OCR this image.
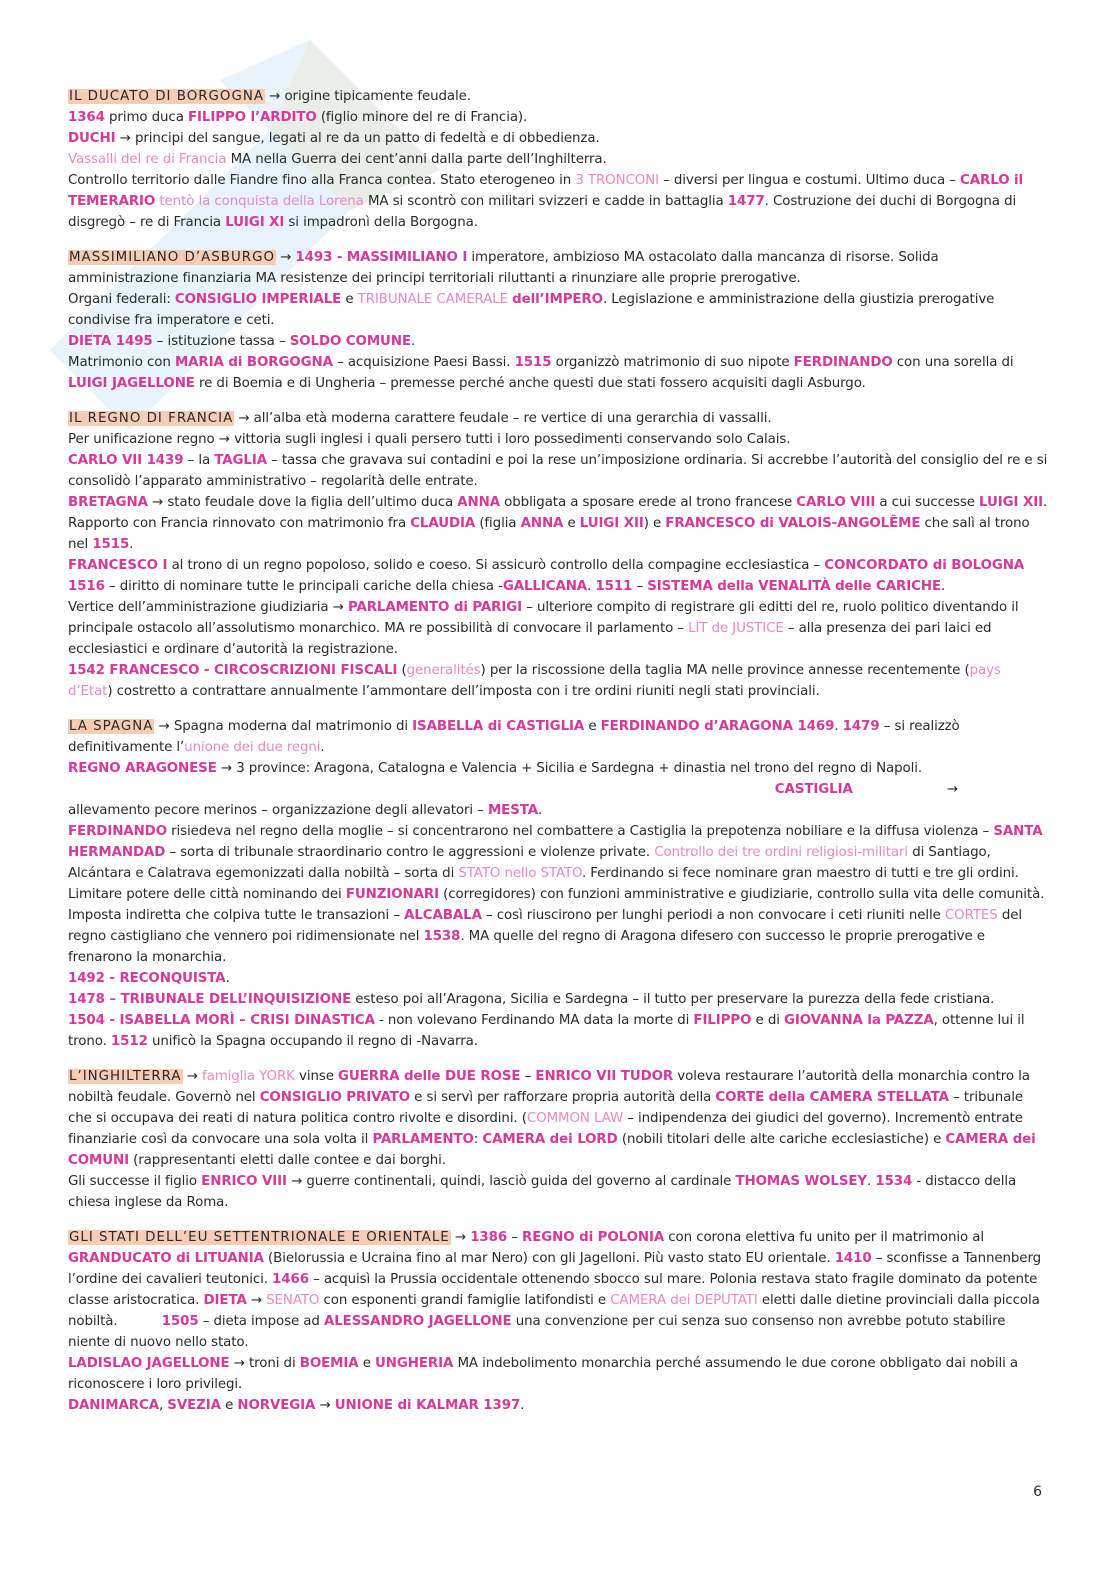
IL DUCATO DI BORGOGNA → origine tipicamente feudale.

1364 primo duca FILIPPO l’ARDITO (figlio minore del re di Francia).

DUCHI → principi del sangue, legati al re da un patto di fedeltà e di obbedienza.

Vassalli del re di Francia MA nella Guerra dei cent’anni dalla parte dell’Inghilterra.

Controllo territorio dalle Fiandre fino alla Franca contea. Stato eterogeneo in 3 TRONCONI – diversi per lingua e costumi. Ultimo duca – CARLO il TEMERARIO tentò la conquista della Lorena MA si scontrò con militari svizzeri e cadde in battaglia 1477. Costruzione dei duchi di Borgogna di disgregò – re di Francia LUIGI XI si impadronì della Borgogna.

MASSIMILIANO D’ASBURGO → 1493 - MASSIMILIANO I imperatore, ambizioso MA ostacolato dalla mancanza di risorse. Solida amministrazione finanziaria MA resistenze dei principi territoriali riluttanti a rinunziare alle proprie prerogative.

Organi federali: CONSIGLIO IMPERIALE e TRIBUNALE CAMERALE dell’IMPERO. Legislazione e amministrazione della giustizia prerogative condivise fra imperatore e ceti.

DIETA 1495 – istituzione tassa – SOLDO COMUNE.

Matrimonio con MARIA di BORGOGNA – acquisizione Paesi Bassi. 1515 organizzò matrimonio di suo nipote FERDINANDO con una sorella di LUIGI JAGELLONE re di Boemia e di Ungheria – premesse perché anche questi due stati fossero acquisiti dagli Asburgo.

IL REGNO DI FRANCIA → all’alba età moderna carattere feudale – re vertice di una gerarchia di vassalli.

Per unificazione regno → vittoria sugli inglesi i quali persero tutti i loro possedimenti conservando solo Calais.

CARLO VII 1439 – la TAGLIA – tassa che gravava sui contadini e poi la rese un’imposizione ordinaria. Si accrebbe l’autorità del consiglio del re e si consolidò l’apparato amministrativo – regolarità delle entrate.

BRETAGNA → stato feudale dove la figlia dell’ultimo duca ANNA obbligata a sposare erede al trono francese CARLO VIII a cui successe LUIGI XII. Rapporto con Francia rinnovato con matrimonio fra CLAUDIA (figlia ANNA e LUIGI XII) e FRANCESCO di VALOIS-ANGOLÊME che salì al trono nel 1515.

FRANCESCO I al trono di un regno popoloso, solido e coeso. Si assicurò controllo della compagine ecclesiastica – CONCORDATO di BOLOGNA 1516 – diritto di nominare tutte le principali cariche della chiesa -GALLICANA. 1511 – SISTEMA della VENALITÀ delle CARICHE.

Vertice dell’amministrazione giudiziaria → PARLAMENTO di PARIGI – ulteriore compito di registrare gli editti del re, ruolo politico diventando il principale ostacolo all’assolutismo monarchico. MA re possibilità di convocare il parlamento – LIT de JUSTICE – alla presenza dei pari laici ed ecclesiastici e ordinare d’autorità la registrazione.

1542 FRANCESCO - CIRCOSCRIZIONI FISCALI (generalités) per la riscossione della taglia MA nelle province annesse recentemente (pays d’Etat) costretto a contrattare annualmente l’ammontare dell’imposta con i tre ordini riuniti negli stati provinciali.

LA SPAGNA → Spagna moderna dal matrimonio di ISABELLA di CASTIGLIA e FERDINANDO d’ARAGONA 1469. 1479 – si realizzò definitivamente l’unione dei due regni.

REGNO ARAGONESE → 3 province: Aragona, Catalogna e Valencia + Sicilia e Sardegna + dinastia nel trono del regno di Napoli.

CASTIGLIA	→

allevamento pecore merinos – organizzazione degli allevatori – MESTA.

FERDINANDO risiedeva nel regno della moglie – si concentrarono nel combattere a Castiglia la prepotenza nobiliare e la diffusa violenza – SANTA HERMANDAD – sorta di tribunale straordinario contro le aggressioni e violenze private. Controllo dei tre ordini religiosi-militari di Santiago, Alcántara e Calatrava egemonizzati dalla nobiltà – sorta di STATO nello STATO. Ferdinando si fece nominare gran maestro di tutti e tre gli ordini.

Limitare potere delle città nominando dei FUNZIONARI (corregidores) con funzioni amministrative e giudiziarie, controllo sulla vita delle comunità.

Imposta indiretta che colpiva tutte le transazioni – ALCABALA – così riuscirono per lunghi periodi a non convocare i ceti riuniti nelle CORTES del regno castigliano che vennero poi ridimensionate nel 1538. MA quelle del regno di Aragona difesero con successo le proprie prerogative e frenarono la monarchia.

1492 - RECONQUISTA.

1478 – TRIBUNALE DELL’INQUISIZIONE esteso poi all’Aragona, Sicilia e Sardegna – il tutto per preservare la purezza della fede cristiana.

1504 - ISABELLA MORÌ – CRISI DINASTICA - non volevano Ferdinando MA data la morte di FILIPPO e di GIOVANNA la PAZZA, ottenne lui il trono. 1512 unificò la Spagna occupando il regno di -Navarra.

L’INGHILTERRA → famiglia YORK vinse GUERRA delle DUE ROSE – ENRICO VII TUDOR voleva restaurare l’autorità della monarchia contro la nobiltà feudale. Governò nel CONSIGLIO PRIVATO e si servì per rafforzare propria autorità della CORTE della CAMERA STELLATA – tribunale che si occupava dei reati di natura politica contro rivolte e disordini. (COMMON LAW – indipendenza dei giudici del governo). Incrementò entrate finanziarie così da convocare una sola volta il PARLAMENTO: CAMERA dei LORD (nobili titolari delle alte cariche ecclesiastiche) e CAMERA dei COMUNI (rappresentanti eletti dalle contee e dai borghi.

Gli successe il figlio ENRICO VIII → guerre continentali, quindi, lasciò guida del governo al cardinale THOMAS WOLSEY. 1534 - distacco della chiesa inglese da Roma.

GLI STATI DELL’EU SETTENTRIONALE E ORIENTALE → 1386 – REGNO di POLONIA con corona elettiva fu unito per il matrimonio al GRANDUCATO di LITUANIA (Bielorussia e Ucraina fino al mar Nero) con gli Jagelloni. Più vasto stato EU orientale. 1410 – sconfisse a Tannenberg l’ordine dei cavalieri teutonici. 1466 – acquisì la Prussia occidentale ottenendo sbocco sul mare. Polonia restava stato fragile dominato da potente classe aristocratica. DIETA → SENATO con esponenti grandi famiglie latifondisti e CAMERA dei DEPUTATI eletti dalle dietine provinciali dalla piccola nobiltà.	1505 – dieta impose ad ALESSANDRO JAGELLONE una convenzione per cui senza suo consenso non avrebbe potuto stabilire niente di nuovo nello stato.

LADISLAO JAGELLONE → troni di BOEMIA e UNGHERIA MA indebolimento monarchia perché assumendo le due corone obbligato dai nobili a riconoscere i loro privilegi.

DANIMARCA, SVEZIA e NORVEGIA → UNIONE di KALMAR 1397.

6
